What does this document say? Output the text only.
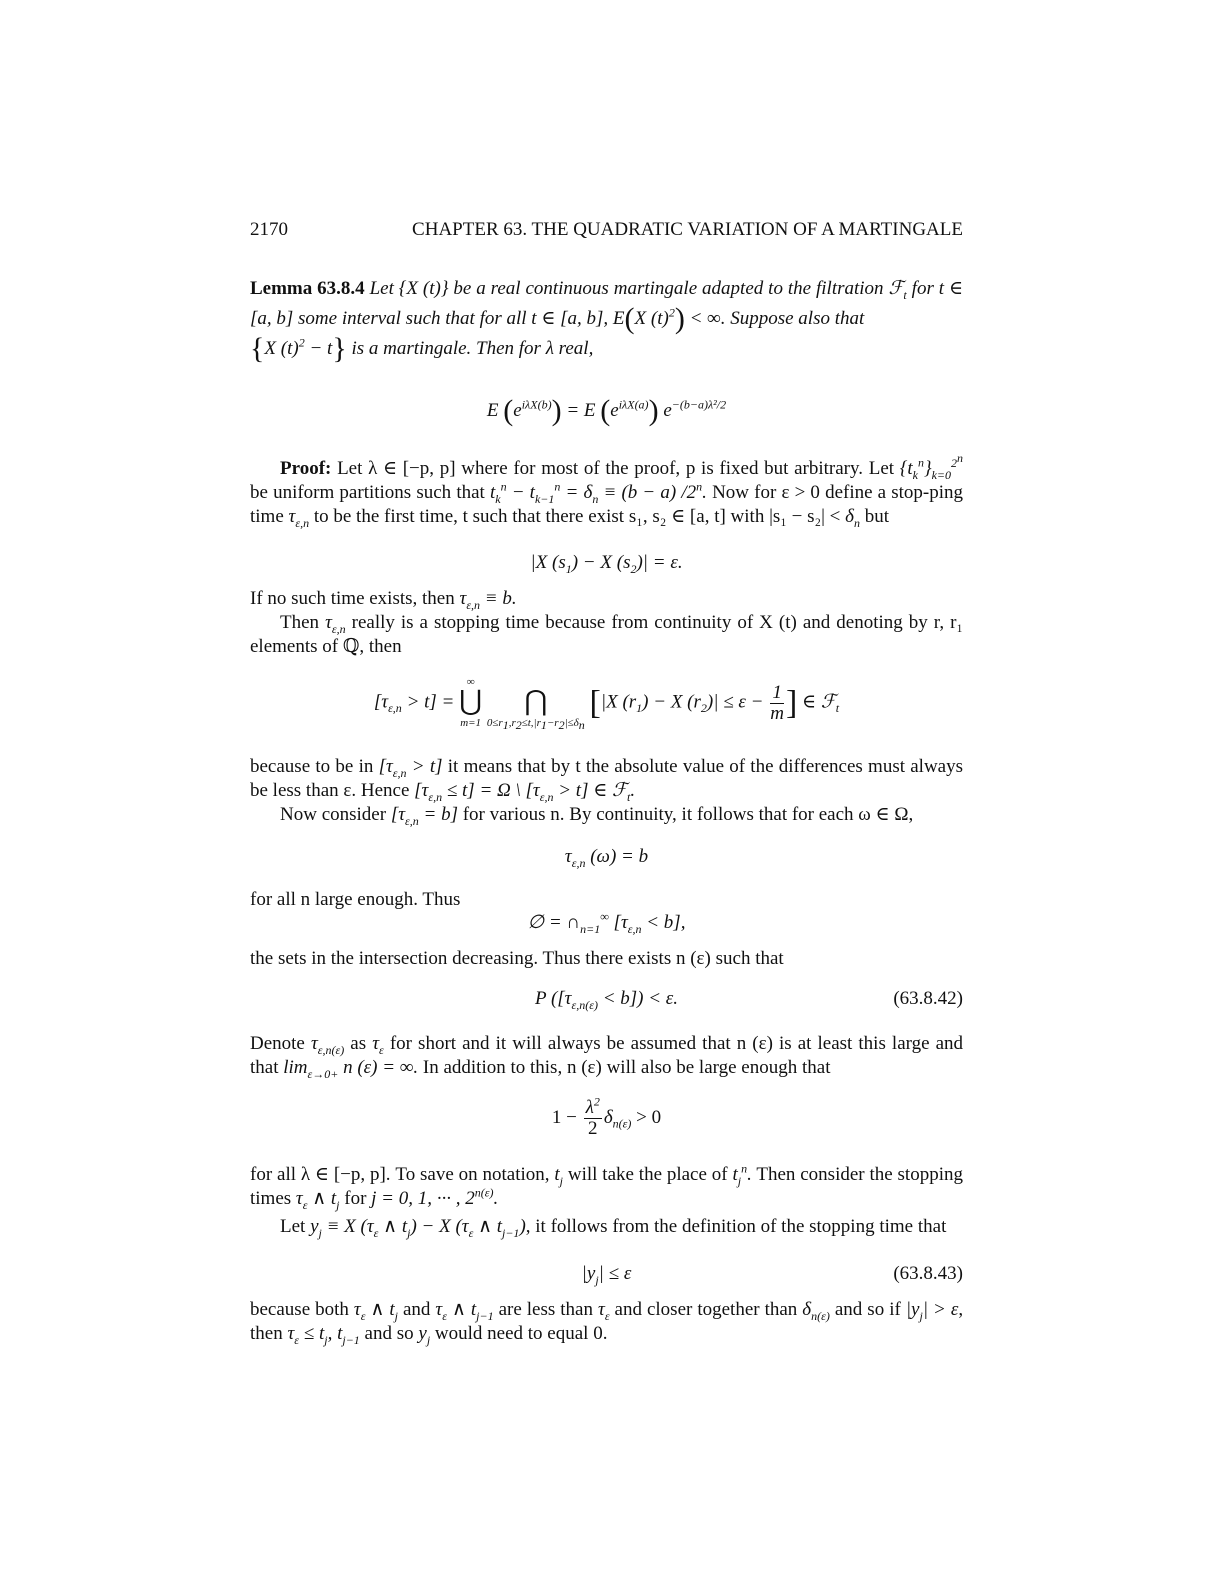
2170	CHAPTER 63. THE QUADRATIC VARIATION OF A MARTINGALE
Lemma 63.8.4 Let {X (t)} be a real continuous martingale adapted to the filtration ℱ$_t$ for t ∈ [a, b] some interval such that for all t ∈ [a, b], E(X $(t)^2$) < ∞. Suppose also that
{X $(t)^2 - t$} is a martingale. Then for λ real,
E $(e^{i\lambda X(b)}) = E$ $(e^{i\lambda X(a)})$ $e^{-(b-a)\lambda^2/2}$
Proof: Let λ ∈ [−p, p] where for most of the proof, p is fixed but arbitrary. Let $\{t_k^n\}_{k=0}^{2^n}$ be uniform partitions such that $t_k^n - t_{k-1}^n = \delta_n \equiv (b - a)$ /2$^n$. Now for ε > 0 define a stop-ping time $\tau_{\varepsilon,n}$ to be the first time, t such that there exist s₁, s₂ ∈ [a, t] with $|s_1 - s_2| < \delta_n$ but
|X $(s_1) - X$ $(s_2)| = \varepsilon$.
If no such time exists, then $\tau_{\varepsilon,n} \equiv b$.
Then $\tau_{\varepsilon,n}$ really is a stopping time because from continuity of X (t) and denoting by r, r₁ elements of ℚ, then
$[\tau_{\varepsilon,n} > t]$ =
∞
⋃
m=1

⋂
$0\le r_1,r_2\le t,|r_1-r_2|\le\delta_n$
[|X $(r_1) - X$ $(r_2)| \le \varepsilon - \frac{1}{m}$ ] ∈ ℱ$_t$
because to be in $[\tau_{\varepsilon,n} > t]$ it means that by t the absolute value of the differences must always be less than ε. Hence $[\tau_{\varepsilon,n} \le t] = \Omega$ \ $[\tau_{\varepsilon,n} > t]$ ∈ ℱ$_t$.
Now consider $[\tau_{\varepsilon,n} = b]$ for various n. By continuity, it follows that for each ω ∈ Ω,
$\tau_{\varepsilon,n}$ (ω) = b
for all n large enough. Thus
∅ = $\cap_{n=1}^\infty$ $[\tau_{\varepsilon,n} < b]$,
the sets in the intersection decreasing. Thus there exists n (ε) such that
P $([\tau_{\varepsilon,n(\varepsilon)} < b]) < \varepsilon$.	(63.8.42)
Denote $\tau_{\varepsilon,n(\varepsilon)}$ as $\tau_\varepsilon$ for short and it will always be assumed that n (ε) is at least this large and that $\lim_{\varepsilon\to 0+} n$ (ε) = ∞. In addition to this, n (ε) will also be large enough that
$1 - \frac{\lambda^2}{2} \delta_{n(\varepsilon)} > 0$
for all λ ∈ [−p, p]. To save on notation, $t_j$ will take the place of $t_j^n$. Then consider the stopping times $\tau_\varepsilon$ ∧ $t_j$ for j = 0, 1, ··· , $2^{n(\varepsilon)}$.
Let $y_j \equiv X$ ($\tau_\varepsilon$ ∧ $t_j) - X$ ($\tau_\varepsilon$ ∧ $t_{j-1}$), it follows from the definition of the stopping time that
$|y_j| \le \varepsilon$	(63.8.43)
because both $\tau_\varepsilon$ ∧ $t_j$ and $\tau_\varepsilon$ ∧ $t_{j-1}$ are less than $\tau_\varepsilon$ and closer together than $\delta_{n(\varepsilon)}$ and so if $|y_j| > \varepsilon$, then $\tau_\varepsilon \le t_j$, $t_{j-1}$ and so $y_j$ would need to equal 0.
